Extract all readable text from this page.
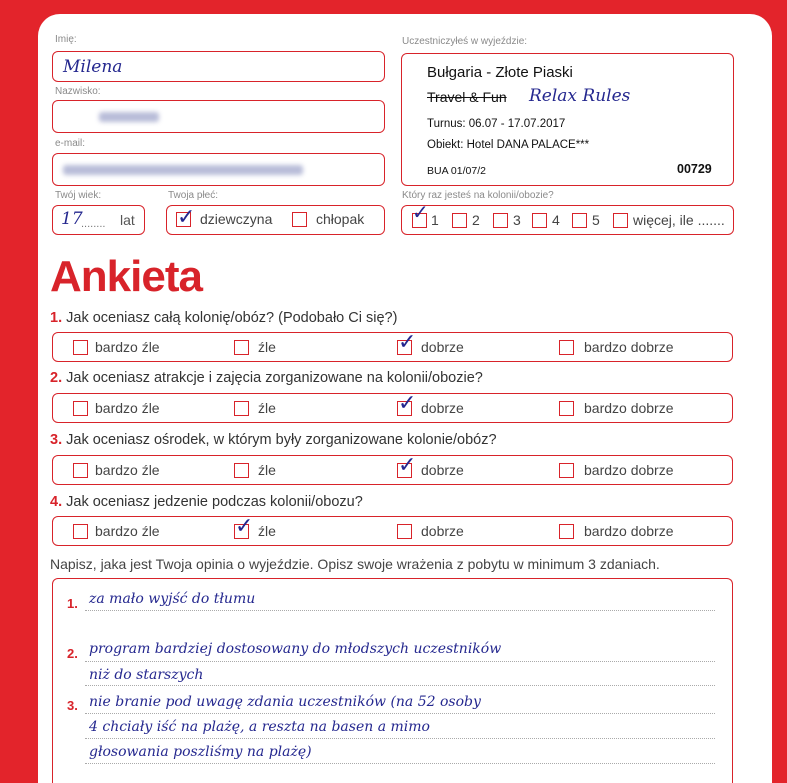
Imię:
Milena
Nazwisko:
e-mail:
Twój wiek:
17
........ lat
Twoja płeć:
✓ dziewczyna	chłopak
Uczestniczyłeś w wyjeździe:
Bułgaria - Złote Piaski
Travel & Fun Relax Rules
Turnus: 06.07 - 17.07.2017
Obiekt: Hotel DANA PALACE***
BUA 01/07/2	00729
Który raz jesteś na kolonii/obozie?
✓ 1 2 3 4 5 więcej, ile .......
Ankieta
1. Jak oceniasz całą kolonię/obóz? (Podobało Ci się?)
bardzo źle	źle	✓ dobrze	bardzo dobrze
2. Jak oceniasz atrakcje i zajęcia zorganizowane na kolonii/obozie?
bardzo źle	źle	✓ dobrze	bardzo dobrze
3. Jak oceniasz ośrodek, w którym były zorganizowane kolonie/obóz?
bardzo źle	źle	✓ dobrze	bardzo dobrze
4. Jak oceniasz jedzenie podczas kolonii/obozu?
bardzo źle	✓ źle	dobrze	bardzo dobrze
Napisz, jaka jest Twoja opinia o wyjeździe. Opisz swoje wrażenia z pobytu w minimum 3 zdaniach.
1. za mało wyjść do tłumu
2. program bardziej dostosowany do młodszych uczestników
niż do starszych
3. nie branie pod uwagę zdania uczestników (na 52 osoby
4 chciały iść na plażę, a reszta na basen a mimo
głosowania poszliśmy na plażę)
